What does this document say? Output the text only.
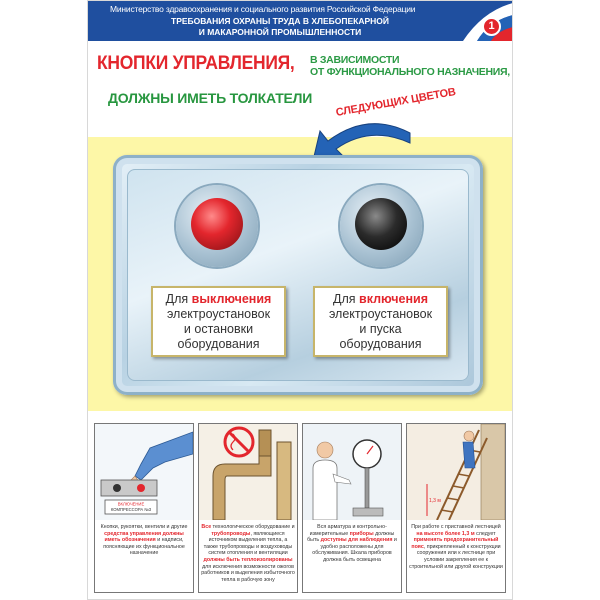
Министерство здравоохранения и социального развития Российской Федерации
ТРЕБОВАНИЯ ОХРАНЫ ТРУДА В ХЛЕБОПЕКАРНОЙ
И МАКАРОННОЙ ПРОМЫШЛЕННОСТИ	1
КНОПКИ УПРАВЛЕНИЯ, В ЗАВИСИМОСТИ
ОТ ФУНКЦИОНАЛЬНОГО НАЗНАЧЕНИЯ,
ДОЛЖНЫ ИМЕТЬ ТОЛКАТЕЛИ СЛЕДУЮЩИХ ЦВЕТОВ
Для выключения
электроустановок
и остановки
оборудования
Для включения
электроустановок
и пуска
оборудования
ВКЛЮЧЕНИЕ
КОМПРЕССОРА №3
Кнопки, рукоятки, вентили и другие средства управления должны иметь обозначения и надписи, поясняющие их функциональное назначение
Все технологическое оборудование и трубопроводы, являющиеся источником выделения тепла, а также трубопроводы и воздуховоды систем отопления и вентиляции должны быть теплоизолированы для исключения возможности ожогов работников и выделения избыточного тепла в рабочую зону
Вся арматура и контрольно-измерительные приборы должны быть доступны для наблюдения и удобно расположены для обслуживания. Шкала приборов должна быть освещена
1,3 м
При работе с приставной лестницей на высоте более 1,3 м следует применять предохранительный пояс, прикрепленный к конструкции сооружения или к лестнице при условии закрепления ее к строительной или другой конструкции
